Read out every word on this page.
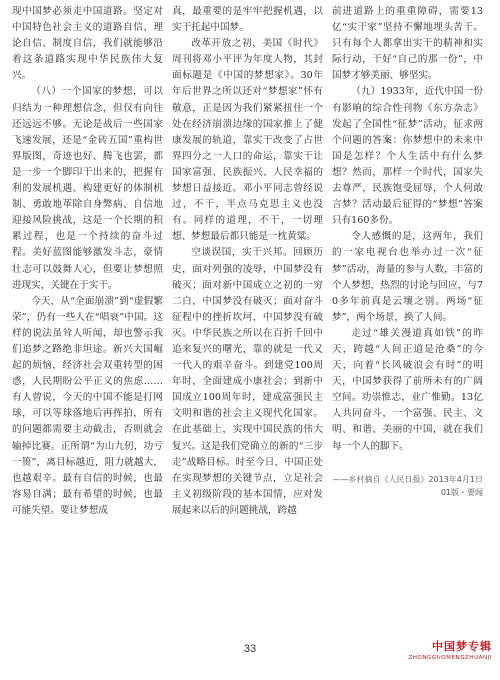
现中国梦必须走中国道路。坚定对中国特色社会主义的道路自信、理论自信、制度自信，我们就能够沿着这条道路实现中华民族伟大复兴。

（八）一个国家的梦想，可以归结为一种理想信念，但仅有向往还远远不够。无论是战后一些国家飞速发展，还是“金砖五国”重构世界版图，奇迹也好、腾飞也罢，都是一步一个脚印干出来的，把握有利的发展机遇、构建更好的体制机制、勇敢地革除自身弊病、自信地迎接风险挑战，这是一个长期的积累过程，也是一个持续的奋斗过程。美好蓝图能够激发斗志，豪情壮志可以鼓舞人心，但要让梦想照进现实，关键在于实干。

今天，从“全面崩溃”到“虚假繁荣”，仍有一些人在“唱衰”中国。这样的说法虽耸人听闻，却也警示我们追梦之路绝非坦途。新兴大国崛起的烦恼，经济社会双重转型的困惑，人民期盼公平正义的焦虑……有人曾说，今天的中国不能是打网球，可以等球落地后再挥拍，所有的问题都需要主动截击，否则就会输掉比赛。正所谓“为山九仞，功亏一篑”，离目标越近，阻力就越大，也越艰辛。最有自信的时候，也最容易自满；最有希望的时候，也最可能失望。要让梦想成

真，最重要的是牢牢把握机遇，以实干托起中国梦。

改革开放之初，美国《时代》周刊将邓小平评为年度人物，其封面标题是《中国的梦想家》。30年年后世界之所以还对“梦想家”怀有敬意，正是因为我们紧紧扭住一个处在经济崩溃边缘的国家推上了健康发展的轨道，靠实干改变了占世界四分之一人口的命运，靠实干让国家富强、民族振兴、人民幸福的梦想日益接近。邓小平同志曾经说过，不干，半点马克思主义也没有。同样的道理，不干，一切理想、梦想最后都只能是一枕黄粱。

空谈误国，实干兴邦。回顾历史，面对列强的凌辱，中国梦没有破灭；面对新中国成立之初的一穷二白，中国梦没有破灭；面对奋斗征程中的挫折坎坷，中国梦没有破灭。中华民族之所以在百折千回中追来复兴的曙光，靠的就是一代又一代人的艰辛奋斗。到建党100周年时，全面建成小康社会；到新中国成立100周年时，建成富强民主文明和谐的社会主义现代化国家。在此基础上，实现中国民族的伟大复兴。这是我们党确立的新的“三步走”战略目标。时至今日，中国正处在实现梦想的关键节点，立足社会主义初级阶段的基本国情，应对发展起来以后的问题挑战，跨越

前进道路上的重重障碍，需要13亿“实干家”坚持不懈地埋头苦干。只有每个人都拿出实干的精神和实际行动，干好“自己的那一份”，中国梦才够美丽、够坚实。

（九）1933年，近代中国一份有影响的综合性刊物《东方杂志》发起了全国性“征梦”活动，征求两个问题的答案：你梦想中的未来中国是怎样？个人生活中有什么梦想？然而，那样一个时代，国家失去尊严，民族饱受屈辱，个人何敢言梦？活动最后征得的“梦想”答案只有160多份。

令人感慨的是，这两年，我们的一家电视台也举办过一次“征梦”活动，海量的参与人数，丰富的个人梦想，热烈的讨论与回应，与70多年前真是云壤之别。两场“征梦”，两个场景，换了人间。

走过“雄关漫道真如铁”的昨天，跨越“人间正道是沧桑”的今天，向着“长风破浪会有时”的明天，中国梦获得了前所未有的广阔空间。功崇惟志，业广惟勤。13亿人共同奋斗，一个富强、民主、文明、和谐、美丽的中国，就在我们每一个人的脚下。

——乡村摘自《人民日报》2013年4月1日01版・要闻

33	中国梦专辑
ZHONGGUOMENGZHUANJI
